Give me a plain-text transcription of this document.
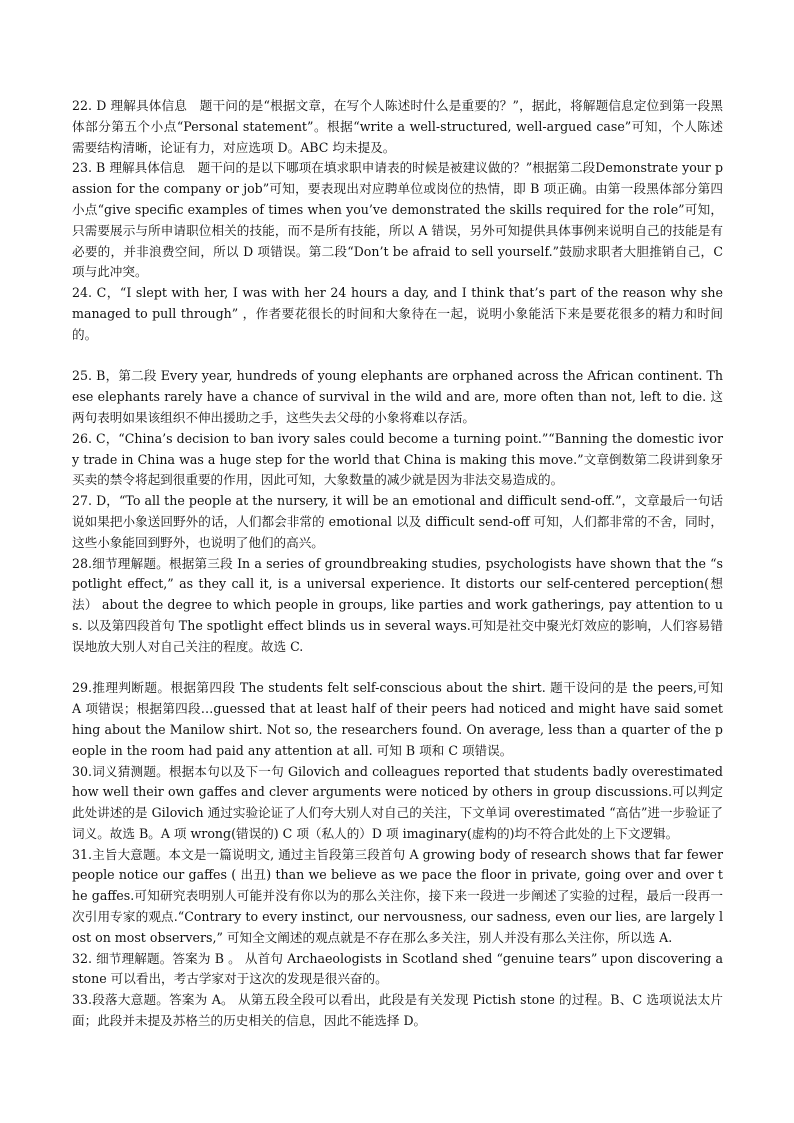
22. D 理解具体信息　题干问的是“根据文章，在写个人陈述时什么是重要的？”，据此，将解题信息定位到第一段黑体部分第五个小点“Personal statement”。根据“write a well-structured, well-argued case”可知，个人陈述需要结构清晰，论证有力，对应选项 D。ABC 均未提及。

23. B 理解具体信息　题干问的是以下哪项在填求职申请表的时候是被建议做的？”根据第二段Demonstrate your passion for the company or job”可知，要表现出对应聘单位或岗位的热情，即 B 项正确。由第一段黑体部分第四小点“give specific examples of times when you’ve demonstrated the skills required for the role”可知，只需要展示与所申请职位相关的技能，而不是所有技能，所以 A 错误，另外可知提供具体事例来说明自己的技能是有必要的，并非浪费空间，所以 D 项错误。第二段“Don’t be afraid to sell yourself.”鼓励求职者大胆推销自己，C 项与此冲突。

24. C，“I slept with her, I was with her 24 hours a day, and I think that’s part of the reason why she managed to pull through” ，作者要花很长的时间和大象待在一起，说明小象能活下来是要花很多的精力和时间的。

25. B，第二段 Every year, hundreds of young elephants are orphaned across the African continent. These elephants rarely have a chance of survival in the wild and are, more often than not, left to die. 这两句表明如果该组织不伸出援助之手，这些失去父母的小象将难以存活。

26. C，“China’s decision to ban ivory sales could become a turning point.”“Banning the domestic ivory trade in China was a huge step for the world that China is making this move.”文章倒数第二段讲到象牙买卖的禁令将起到很重要的作用，因此可知，大象数量的减少就是因为非法交易造成的。

27. D，“To all the people at the nursery, it will be an emotional and difficult send-off.”，文章最后一句话说如果把小象送回野外的话，人们都会非常的 emotional 以及 difficult send-off 可知，人们都非常的不舍，同时，这些小象能回到野外，也说明了他们的高兴。

28.细节理解题。根据第三段 In a series of groundbreaking studies, psychologists have shown that the “spotlight effect,” as they call it, is a universal experience. It distorts our self-centered perception(想法） about the degree to which people in groups, like parties and work gatherings, pay attention to us. 以及第四段首句 The spotlight effect blinds us in several ways.可知是社交中聚光灯效应的影响，人们容易错误地放大别人对自己关注的程度。故选 C.

29.推理判断题。根据第四段 The students felt self-conscious about the shirt. 题干设问的是 the peers,可知 A 项错误；根据第四段…guessed that at least half of their peers had noticed and might have said something about the Manilow shirt. Not so, the researchers found. On average, less than a quarter of the people in the room had paid any attention at all. 可知 B 项和 C 项错误。

30.词义猜测题。根据本句以及下一句 Gilovich and colleagues reported that students badly overestimated how well their own gaffes and clever arguments were noticed by others in group discussions.可以判定此处讲述的是 Gilovich 通过实验论证了人们夸大别人对自己的关注，下文单词 overestimated “高估”进一步验证了词义。故选 B。A 项 wrong(错误的) C 项（私人的）D 项 imaginary(虚构的)均不符合此处的上下文逻辑。

31.主旨大意题。本文是一篇说明文, 通过主旨段第三段首句 A growing body of research shows that far fewer people notice our gaffes ( 出丑) than we believe as we pace the floor in private, going over and over the gaffes.可知研究表明别人可能并没有你以为的那么关注你，接下来一段进一步阐述了实验的过程，最后一段再一次引用专家的观点.“Contrary to every instinct, our nervousness, our sadness, even our lies, are largely lost on most observers,” 可知全文阐述的观点就是不存在那么多关注，别人并没有那么关注你，所以选 A.

32. 细节理解题。答案为 B 。 从首句 Archaeologists in Scotland shed “genuine tears” upon discovering a stone 可以看出，考古学家对于这次的发现是很兴奋的。

33.段落大意题。答案为 A。 从第五段全段可以看出，此段是有关发现 Pictish stone 的过程。B、C 选项说法太片面；此段并未提及苏格兰的历史相关的信息，因此不能选择 D。
